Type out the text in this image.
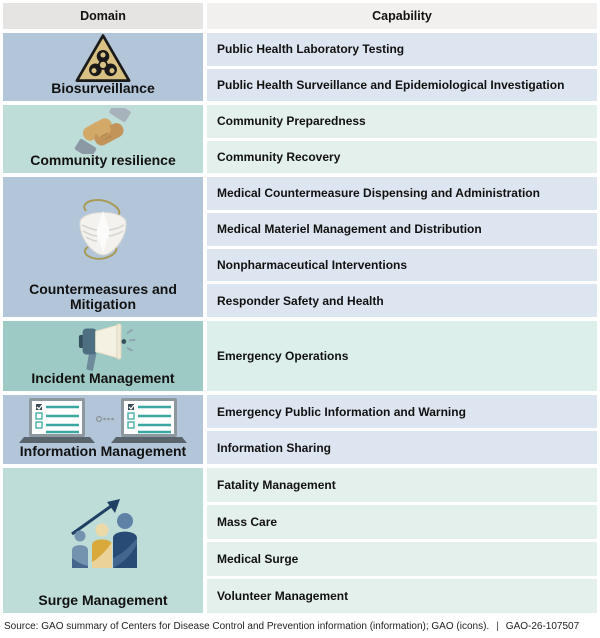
Domain	Capability
Biosurveillance
Public Health Laboratory Testing
Public Health Surveillance and Epidemiological Investigation
Community resilience
Community Preparedness
Community Recovery
Countermeasures and Mitigation
Medical Countermeasure Dispensing and Administration
Medical Materiel Management and Distribution
Nonpharmaceutical Interventions
Responder Safety and Health
Incident Management
Emergency Operations
Information Management
Emergency Public Information and Warning
Information Sharing
Surge Management
Fatality Management
Mass Care
Medical Surge
Volunteer Management
Source: GAO summary of Centers for Disease Control and Prevention information (information); GAO (icons). | GAO-26-107507
